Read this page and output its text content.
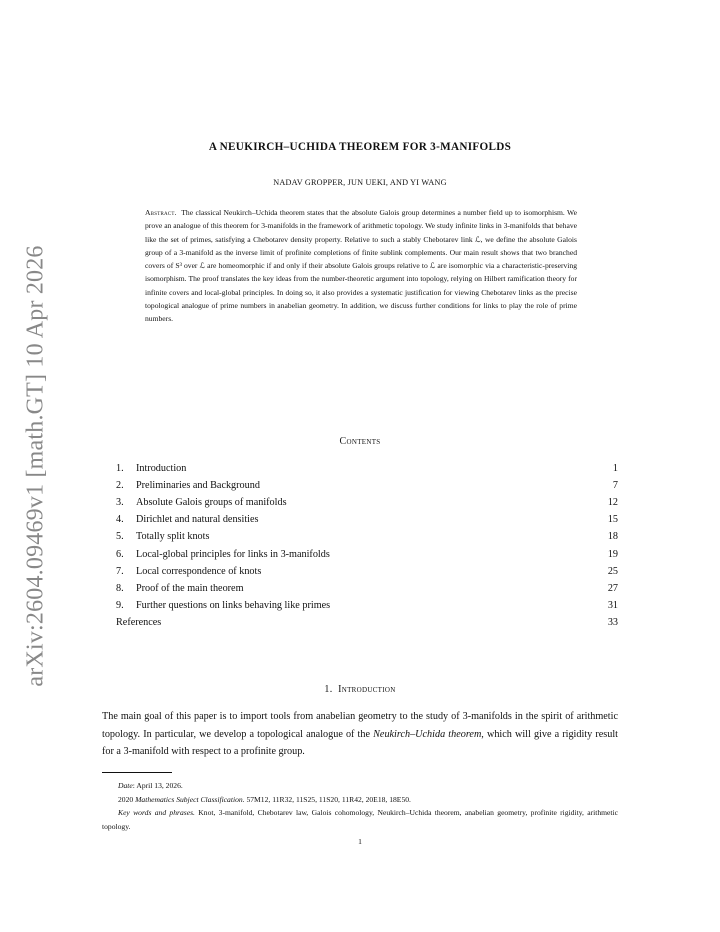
arXiv:2604.09469v1 [math.GT] 10 Apr 2026
A NEUKIRCH–UCHIDA THEOREM FOR 3-MANIFOLDS
NADAV GROPPER, JUN UEKI, AND YI WANG

Abstract. The classical Neukirch–Uchida theorem states that the absolute Galois group determines a number field up to isomorphism. We prove an analogue of this theorem for 3-manifolds in the framework of arithmetic topology. We study infinite links in 3-manifolds that behave like the set of primes, satisfying a Chebotarev density property. Relative to such a stably Chebotarev link ℒ, we define the absolute Galois group of a 3-manifold as the inverse limit of profinite completions of finite sublink complements. Our main result shows that two branched covers of S³ over ℒ are homeomorphic if and only if their absolute Galois groups relative to ℒ are isomorphic via a characteristic-preserving isomorphism. The proof translates the key ideas from the number-theoretic argument into topology, relying on Hilbert ramification theory for infinite covers and local-global principles. In doing so, it also provides a systematic justification for viewing Chebotarev links as the precise topological analogue of prime numbers in anabelian geometry. In addition, we discuss further conditions for links to play the role of prime numbers.

Contents
1.	Introduction	1
2.	Preliminaries and Background	7
3.	Absolute Galois groups of manifolds	12
4.	Dirichlet and natural densities	15
5.	Totally split knots	18
6.	Local-global principles for links in 3-manifolds	19
7.	Local correspondence of knots	25
8.	Proof of the main theorem	27
9.	Further questions on links behaving like primes	31
References	33
1. Introduction

The main goal of this paper is to import tools from anabelian geometry to the study of 3-manifolds in the spirit of arithmetic topology. In particular, we develop a topological analogue of the Neukirch–Uchida theorem, which will give a rigidity result for a 3-manifold with respect to a profinite group.

Date: April 13, 2026.

2020 Mathematics Subject Classification. 57M12, 11R32, 11S25, 11S20, 11R42, 20E18, 18E50.

Key words and phrases. Knot, 3-manifold, Chebotarev law, Galois cohomology, Neukirch–Uchida theorem, anabelian geometry, profinite rigidity, arithmetic topology.

1
